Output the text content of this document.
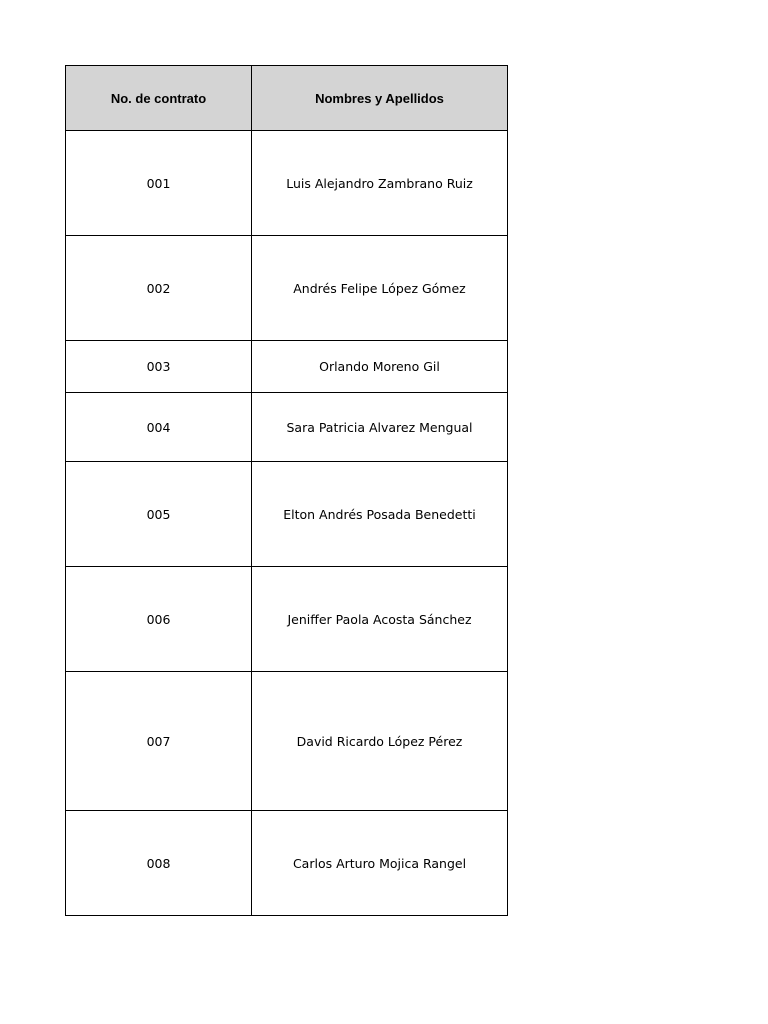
No. de contrato	Nombres y Apellidos
001	Luis Alejandro Zambrano Ruiz
002	Andrés Felipe López Gómez
003	Orlando Moreno Gil
004	Sara Patricia Alvarez Mengual
005	Elton Andrés Posada Benedetti
006	Jeniffer Paola Acosta Sánchez
007	David Ricardo López Pérez
008	Carlos Arturo Mojica Rangel
